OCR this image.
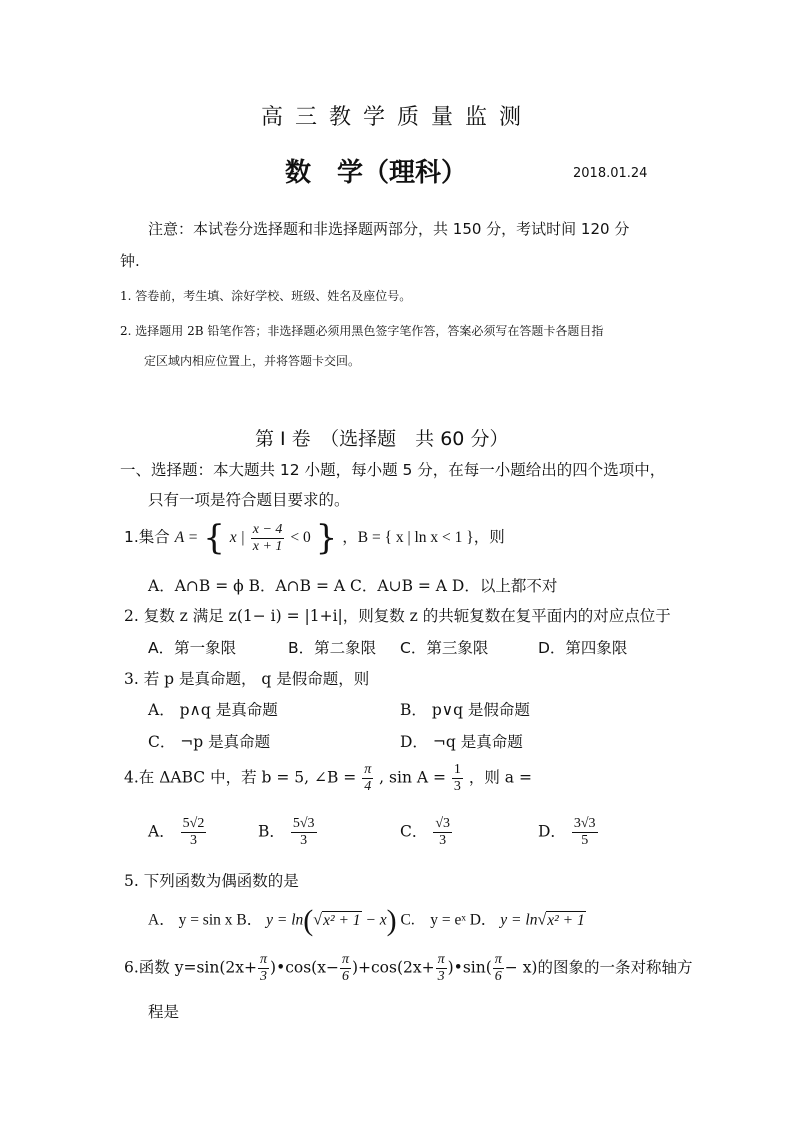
高三教学质量监测
数　学（理科）	2018.01.24
注意：本试卷分选择题和非选择题两部分，共 150 分，考试时间 120 分
钟.
1. 答卷前，考生填、涂好学校、班级、姓名及座位号。
2. 选择题用 2B 铅笔作答；非选择题必须用黑色签字笔作答，答案必须写在答题卡各题目指
定区域内相应位置上，并将答题卡交回。
第 Ⅰ 卷　（选择题　共 60 分）
一、选择题：本大题共 12 小题，每小题 5 分，在每一小题给出的四个选项中，
只有一项是符合题目要求的。
1.集合 A = { x | $\frac{x - 4}{x + 1} < 0$ } ，B = { x | ln x < 1 }，则
A．A∩B = ϕ B．A∩B = A C．A∪B = A D．以上都不对
2. 复数 z 满足 z(1− i) = |1+i|，则复数 z 的共轭复数在复平面内的对应点位于
A．第一象限	B．第二象限 C．第三象限	D．第四象限
3. 若 p 是真命题， q 是假命题，则
A． p∧q 是真命题	B． p∨q 是假命题
C． ¬p 是真命题	D． ¬q 是真命题
4.在 ΔABC 中，若 b = 5, ∠B = $\frac{\pi}{4}$ , $\sin A = \frac{1}{3}$ ，则 a =
A． $\frac{5√2}{3}$	B． $\frac{5√3}{3}$	C． $\frac{√3}{3}$	D． $\frac{3√3}{5}$
5. 下列函数为偶函数的是
A． y = sin x B． y = ln(√x² + 1 − x) C.　y = eˣ D． y = ln√x² + 1
6.函数 $y=\sin(2x+ \frac{\pi}{3}$ )•cos(x− $\frac{\pi}{6} )+\cos(2x+ \frac{\pi}{3}$ )•sin( $\frac{\pi}{6} - x$)的图象的一条对称轴方
程是
